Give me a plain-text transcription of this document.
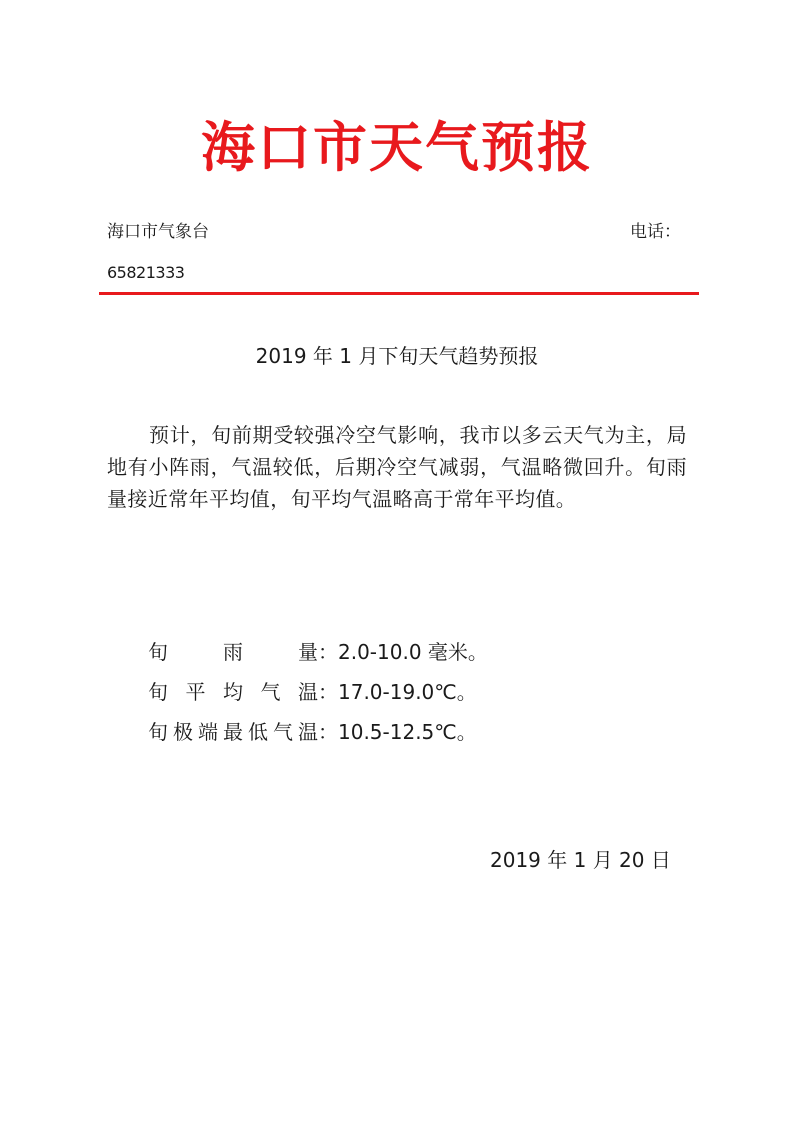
海口市天气预报
海口市气象台	电话：
65821333
2019 年 1 月下旬天气趋势预报
预计，旬前期受较强冷空气影响，我市以多云天气为主，局地有小阵雨，气温较低，后期冷空气减弱，气温略微回升。旬雨量接近常年平均值，旬平均气温略高于常年平均值。
旬雨量：2.0-10.0 毫米。
旬平均气温：17.0-19.0℃。
旬极端最低气温：10.5-12.5℃。
2019 年 1 月 20 日
